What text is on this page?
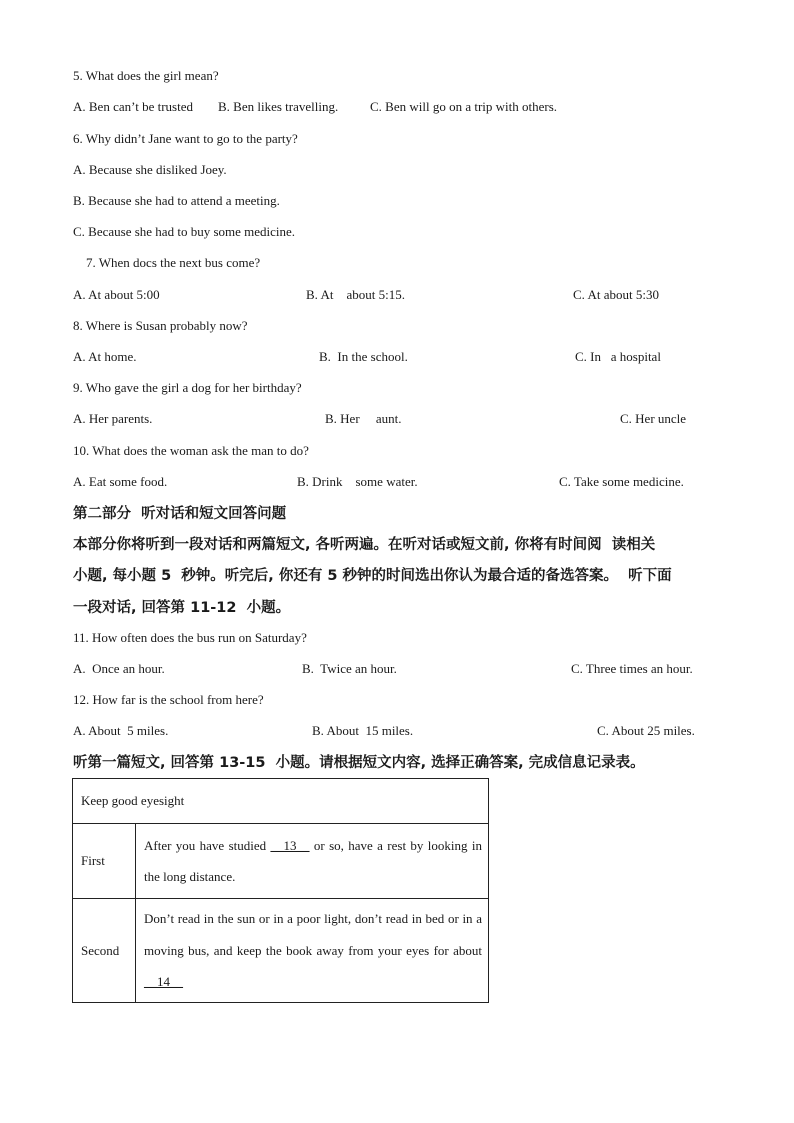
5. What does the girl mean?
A. Ben can’t be trusted B. Ben likes travelling. C. Ben will go on a trip with others.
6. Why didn’t Jane want to go to the party?
A. Because she disliked Joey.
B. Because she had to attend a meeting.
C. Because she had to buy some medicine.
7. When docs the next bus come?
A. At about 5:00	B. At    about 5:15.	C. At about 5:30
8. Where is Susan probably now?
A. At home.	B.  In the school.	C. In   a hospital
9. Who gave the girl a dog for her birthday?
A. Her parents.	B. Her     aunt.	C. Her uncle
10. What does the woman ask the man to do?
A. Eat some food.	B. Drink    some water.	C. Take some medicine.
第二部分  听对话和短文回答问题
本部分你将听到一段对话和两篇短文, 各听两遍。在听对话或短文前, 你将有时间阅  读相关
小题, 每小题 5  秒钟。听完后, 你还有 5 秒钟的时间选出你认为最合适的备选答案。  听下面
一段对话, 回答第 11-12  小题。
11. How often does the bus run on Saturday?
A.  Once an hour.	B.  Twice an hour.	C. Three times an hour.
12. How far is the school from here?
A. About  5 miles.	B. About  15 miles.	C. About 25 miles.
听第一篇短文, 回答第 13-15  小题。请根据短文内容, 选择正确答案, 完成信息记录表。
Keep good eyesight	
First	After you have studied __13__ or so, have a rest by looking in the long distance.
Second	Don’t read in the sun or in a poor light, don’t read in bed or in a moving bus, and keep the book away from your eyes for about __14__
